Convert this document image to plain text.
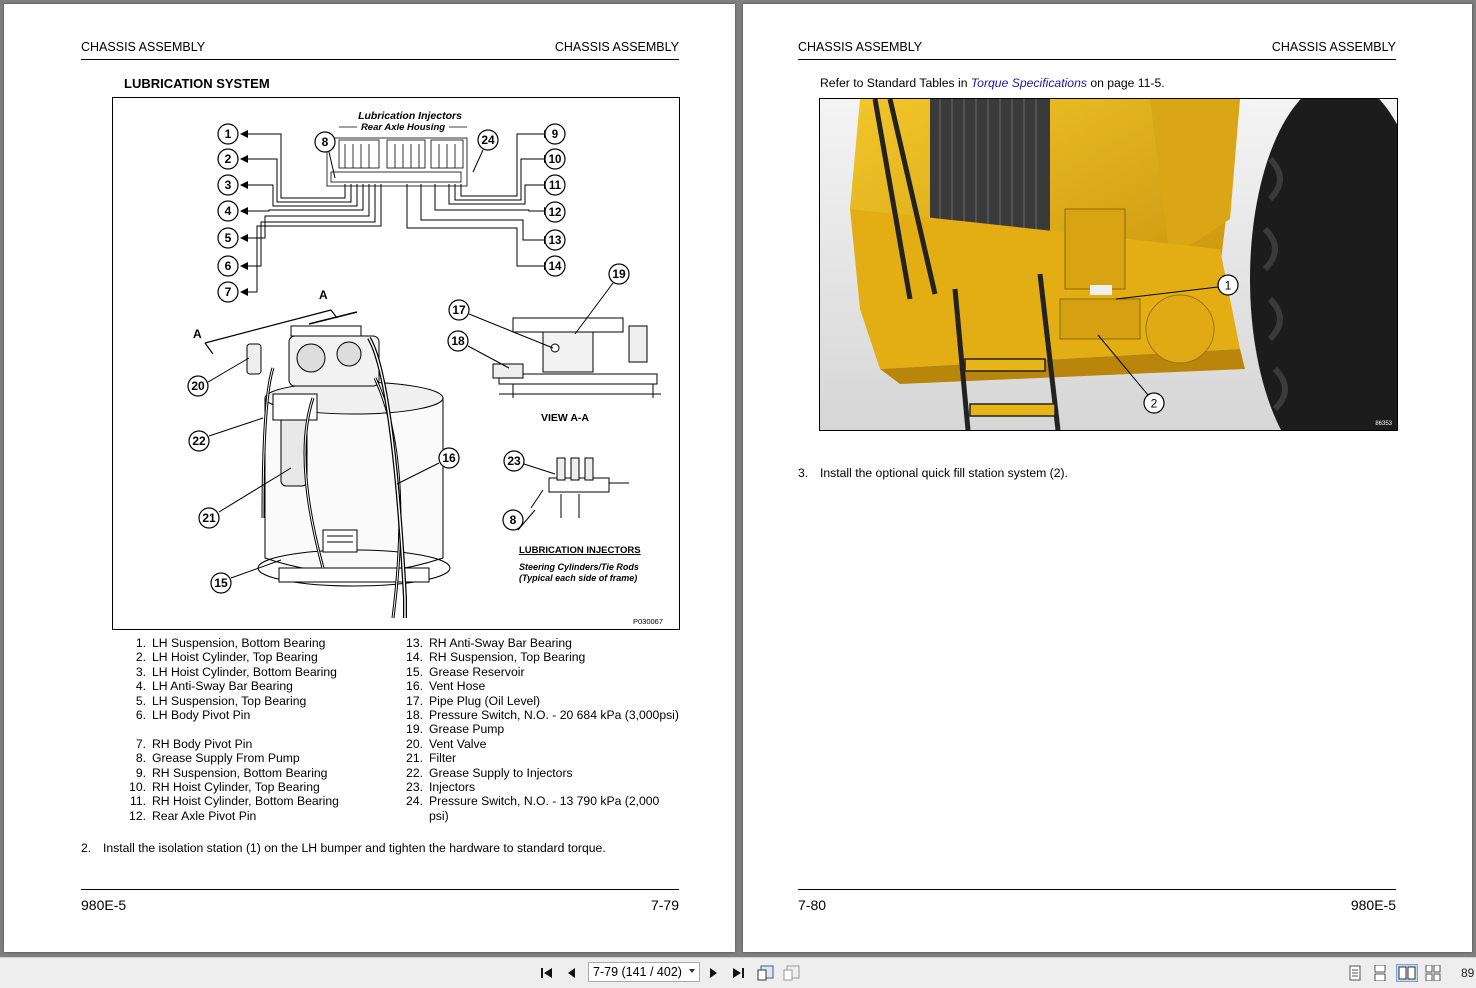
CHASSIS ASSEMBLY	CHASSIS ASSEMBLY
LUBRICATION SYSTEM
Lubrication Injectors
Rear Axle Housing
1
2
3
4
5
6
7
9
10
11
12
13
14
8	24
A
A
20
22
21
15
16
VIEW A-A
17
18
19
23
8
LUBRICATION INJECTORS
Steering Cylinders/Tie Rods
(Typical each side of frame)
P030067
1. LH Suspension, Bottom Bearing
2. LH Hoist Cylinder, Top Bearing
3. LH Hoist Cylinder, Bottom Bearing
4. LH Anti-Sway Bar Bearing
5. LH Suspension, Top Bearing
6. LH Body Pivot Pin
7. RH Body Pivot Pin
8. Grease Supply From Pump
9. RH Suspension, Bottom Bearing
10. RH Hoist Cylinder, Top Bearing
11. RH Hoist Cylinder, Bottom Bearing
12. Rear Axle Pivot Pin
13. RH Anti-Sway Bar Bearing
14. RH Suspension, Top Bearing
15. Grease Reservoir
16. Vent Hose
17. Pipe Plug (Oil Level)
18. Pressure Switch, N.O. - 20 684 kPa (3,000psi)
19. Grease Pump
20. Vent Valve
21. Filter
22. Grease Supply to Injectors
23. Injectors
24. Pressure Switch, N.O. - 13 790 kPa (2,000 psi)
2. Install the isolation station (1) on the LH bumper and tighten the hardware to standard torque.
980E-5	7-79
CHASSIS ASSEMBLY	CHASSIS ASSEMBLY
Refer to Standard Tables in Torque Specifications on page 11-5.
1
2
86353
3. Install the optional quick fill station system (2).
7-80	980E-5
7-79 (141 / 402)	89
